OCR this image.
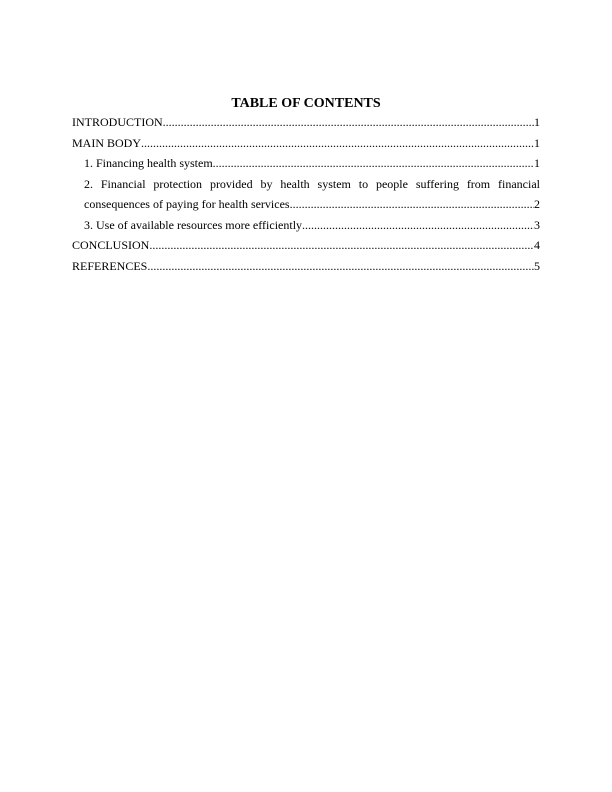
TABLE OF CONTENTS
INTRODUCTION .....	1
MAIN BODY .....	1
1. Financing health system .....	1
2. Financial protection provided by health system to people suffering from financial
consequences of paying for health services .....	2
3. Use of available resources more efficiently .....	3
CONCLUSION .....	4
REFERENCES .....	5
